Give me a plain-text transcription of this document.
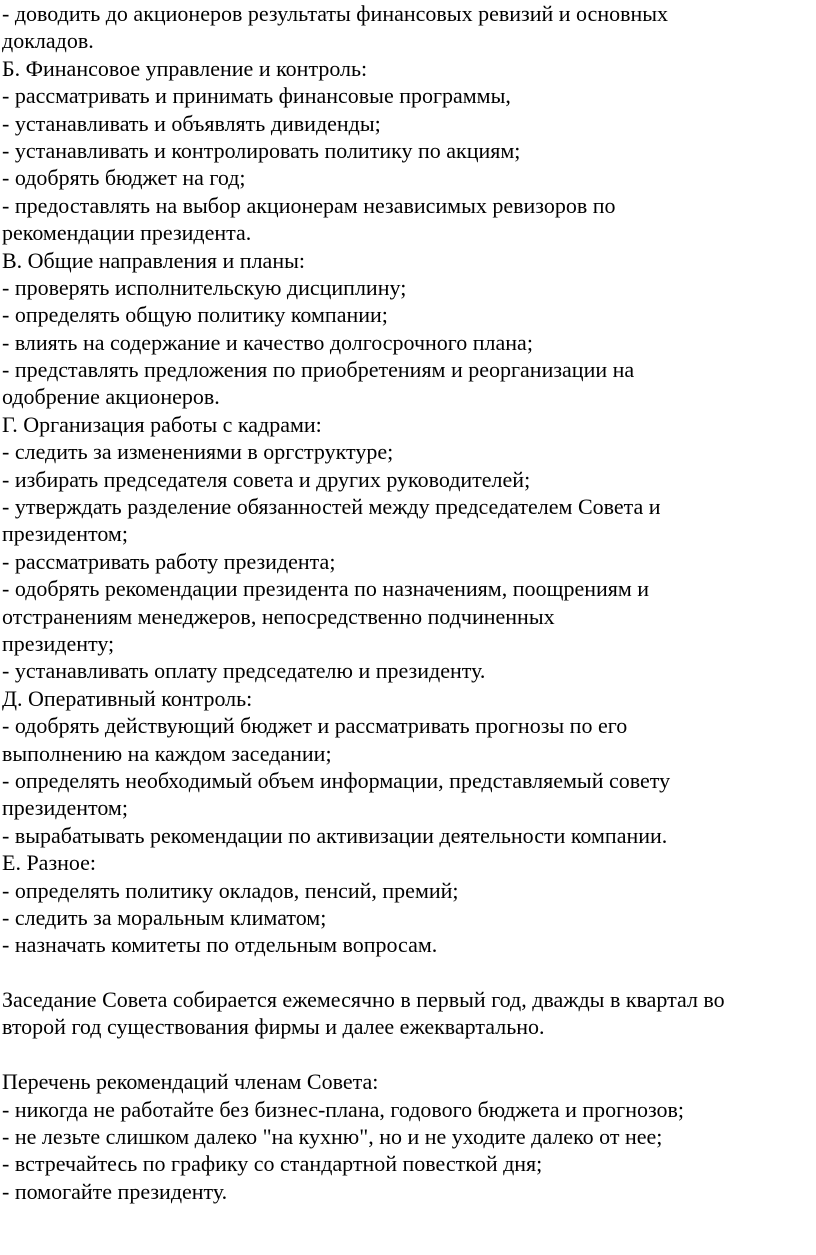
- доводить до акционеров результаты финансовых ревизий и основных
докладов.
Б. Финансовое управление и контроль:
- рассматривать и принимать финансовые программы,
- устанавливать и объявлять дивиденды;
- устанавливать и контролировать политику по акциям;
- одобрять бюджет на год;
- предоставлять на выбор акционерам независимых ревизоров по
рекомендации президента.
В. Общие направления и планы:
- проверять исполнительскую дисциплину;
- определять общую политику компании;
- влиять на содержание и качество долгосрочного плана;
- представлять предложения по приобретениям и реорганизации на
одобрение акционеров.
Г. Организация работы с кадрами:
- следить за изменениями в оргструктуре;
- избирать председателя совета и других руководителей;
- утверждать разделение обязанностей между председателем Совета и
президентом;
- рассматривать работу президента;
- одобрять рекомендации президента по назначениям, поощрениям и
отстранениям менеджеров, непосредственно подчиненных
президенту;
- устанавливать оплату председателю и президенту.
Д. Оперативный контроль:
- одобрять действующий бюджет и рассматривать прогнозы по его
выполнению на каждом заседании;
- определять необходимый объем информации, представляемый совету
президентом;
- вырабатывать рекомендации по активизации деятельности компании.
Е. Разное:
- определять политику окладов, пенсий, премий;
- следить за моральным климатом;
- назначать комитеты по отдельным вопросам.
Заседание Совета собирается ежемесячно в первый год, дважды в квартал во
второй год существования фирмы и далее ежеквартально.
Перечень рекомендаций членам Совета:
- никогда не работайте без бизнес-плана, годового бюджета и прогнозов;
- не лезьте слишком далеко "на кухню", но и не уходите далеко от нее;
- встречайтесь по графику со стандартной повесткой дня;
- помогайте президенту.
